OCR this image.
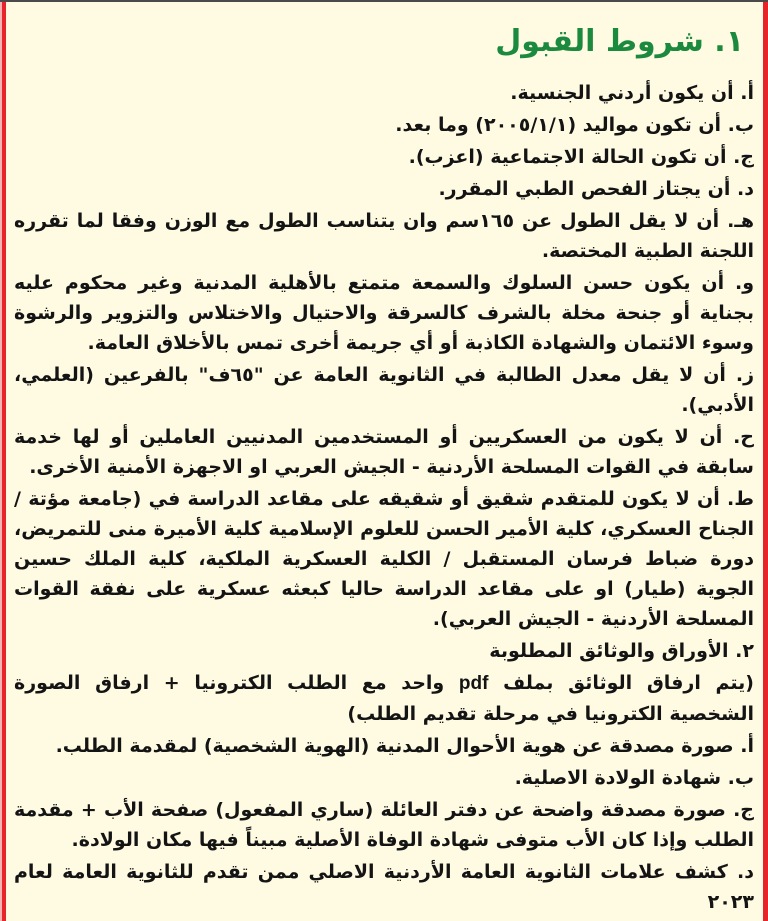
١. شروط القبول

أ. أن يكون أردني الجنسية.

ب. أن تكون مواليد (٢٠٠٥/١/١) وما بعد.

ج. أن تكون الحالة الاجتماعية (اعزب).

د. أن يجتاز الفحص الطبي المقرر.

هـ. أن لا يقل الطول عن ١٦٥سم وان يتناسب الطول مع الوزن وفقا لما تقرره اللجنة الطبية المختصة.

و. أن يكون حسن السلوك والسمعة متمتع بالأهلية المدنية وغير محكوم عليه بجناية أو جنحة مخلة بالشرف كالسرقة والاحتيال والاختلاس والتزوير والرشوة وسوء الائتمان والشهادة الكاذبة أو أي جريمة أخرى تمس بالأخلاق العامة.

ز. أن لا يقل معدل الطالبة في الثانوية العامة عن "٦٥ف" بالفرعين (العلمي، الأدبي).

ح. أن لا يكون من العسكريين أو المستخدمين المدنيين العاملين أو لها خدمة سابقة في القوات المسلحة الأردنية - الجيش العربي او الاجهزة الأمنية الأخرى.

ط. أن لا يكون للمتقدم شقيق أو شقيقه على مقاعد الدراسة في (جامعة مؤتة / الجناح العسكري، كلية الأمير الحسن للعلوم الإسلامية كلية الأميرة منى للتمريض، دورة ضباط فرسان المستقبل / الكلية العسكرية الملكية، كلية الملك حسين الجوية (طيار) او على مقاعد الدراسة حاليا كبعثه عسكرية على نفقة القوات المسلحة الأردنية - الجيش العربي).

٢. الأوراق والوثائق المطلوبة

(يتم ارفاق الوثائق بملف pdf واحد مع الطلب الكترونيا + ارفاق الصورة الشخصية الكترونيا في مرحلة تقديم الطلب)

أ. صورة مصدقة عن هوية الأحوال المدنية (الهوية الشخصية) لمقدمة الطلب.

ب. شهادة الولادة الاصلية.

ج. صورة مصدقة واضحة عن دفتر العائلة (ساري المفعول) صفحة الأب + مقدمة الطلب وإذا كان الأب متوفى شهادة الوفاة الأصلية مبيناً فيها مكان الولادة.

د. كشف علامات الثانوية العامة الأردنية الاصلي ممن تقدم للثانوية العامة لعام ٢٠٢٣
